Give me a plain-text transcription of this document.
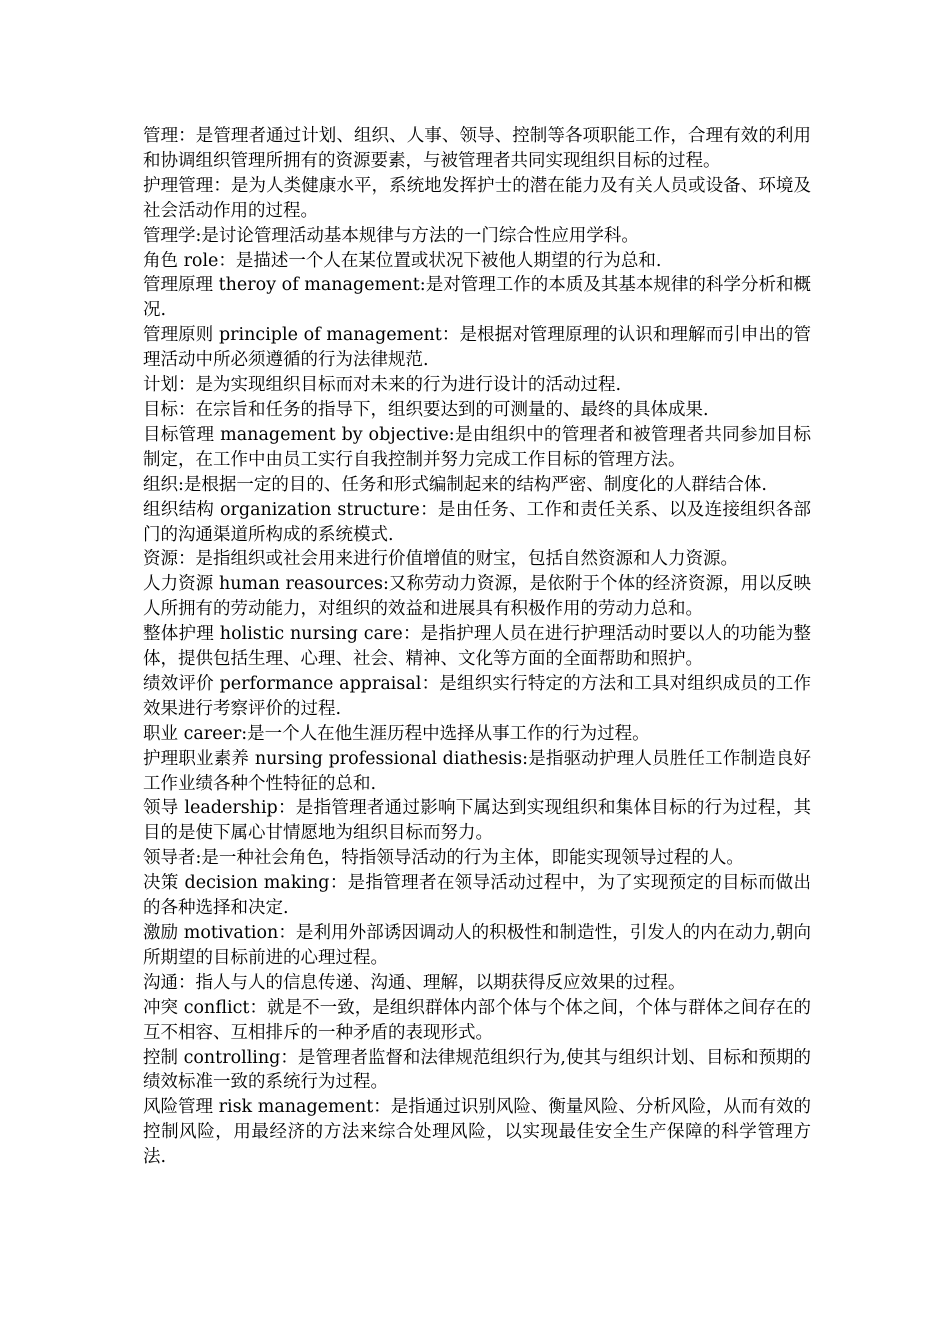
管理：是管理者通过计划、组织、人事、领导、控制等各项职能工作，合理有效的利用和协调组织管理所拥有的资源要素，与被管理者共同实现组织目标的过程。

护理管理：是为人类健康水平，系统地发挥护士的潜在能力及有关人员或设备、环境及社会活动作用的过程。

管理学:是讨论管理活动基本规律与方法的一门综合性应用学科。

角色 role：是描述一个人在某位置或状况下被他人期望的行为总和.

管理原理 theroy of management:是对管理工作的本质及其基本规律的科学分析和概况.

管理原则 principle of management：是根据对管理原理的认识和理解而引申出的管理活动中所必须遵循的行为法律规范.

计划：是为实现组织目标而对未来的行为进行设计的活动过程.

目标：在宗旨和任务的指导下，组织要达到的可测量的、最终的具体成果.

目标管理 management by objective:是由组织中的管理者和被管理者共同参加目标制定，在工作中由员工实行自我控制并努力完成工作目标的管理方法。

组织:是根据一定的目的、任务和形式编制起来的结构严密、制度化的人群结合体.

组织结构 organization structure：是由任务、工作和责任关系、以及连接组织各部门的沟通渠道所构成的系统模式.

资源：是指组织或社会用来进行价值增值的财宝，包括自然资源和人力资源。

人力资源 human reasources:又称劳动力资源，是依附于个体的经济资源，用以反映人所拥有的劳动能力，对组织的效益和进展具有积极作用的劳动力总和。

整体护理 holistic nursing care：是指护理人员在进行护理活动时要以人的功能为整体，提供包括生理、心理、社会、精神、文化等方面的全面帮助和照护。

绩效评价 performance appraisal：是组织实行特定的方法和工具对组织成员的工作效果进行考察评价的过程.

职业 career:是一个人在他生涯历程中选择从事工作的行为过程。

护理职业素养 nursing professional diathesis:是指驱动护理人员胜任工作制造良好工作业绩各种个性特征的总和.

领导 leadership：是指管理者通过影响下属达到实现组织和集体目标的行为过程，其目的是使下属心甘情愿地为组织目标而努力。

领导者:是一种社会角色，特指领导活动的行为主体，即能实现领导过程的人。

决策 decision making：是指管理者在领导活动过程中，为了实现预定的目标而做出的各种选择和决定.

激励 motivation：是利用外部诱因调动人的积极性和制造性，引发人的内在动力,朝向所期望的目标前进的心理过程。

沟通：指人与人的信息传递、沟通、理解，以期获得反应效果的过程。

冲突 conflict：就是不一致，是组织群体内部个体与个体之间，个体与群体之间存在的互不相容、互相排斥的一种矛盾的表现形式。

控制 controlling：是管理者监督和法律规范组织行为,使其与组织计划、目标和预期的绩效标准一致的系统行为过程。

风险管理 risk management：是指通过识别风险、衡量风险、分析风险，从而有效的控制风险，用最经济的方法来综合处理风险，以实现最佳安全生产保障的科学管理方法.
